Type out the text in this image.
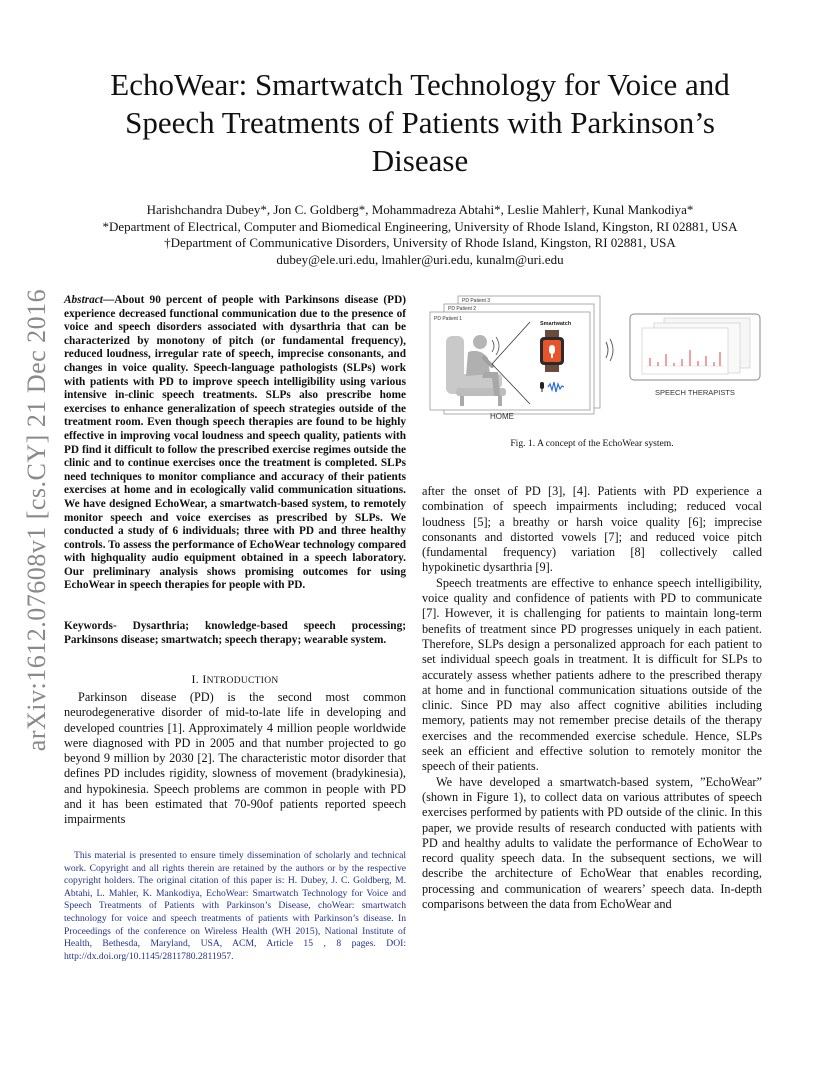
arXiv:1612.07608v1 [cs.CY] 21 Dec 2016
EchoWear: Smartwatch Technology for Voice and
Speech Treatments of Patients with Parkinson’s
Disease
Harishchandra Dubey*, Jon C. Goldberg*, Mohammadreza Abtahi*, Leslie Mahler†, Kunal Mankodiya*
*Department of Electrical, Computer and Biomedical Engineering, University of Rhode Island, Kingston, RI 02881, USA
†Department of Communicative Disorders, University of Rhode Island, Kingston, RI 02881, USA
dubey@ele.uri.edu, lmahler@uri.edu, kunalm@uri.edu
Abstract—About 90 percent of people with Parkinsons disease (PD) experience decreased functional communication due to the presence of voice and speech disorders associated with dysarthria that can be characterized by monotony of pitch (or fundamental frequency), reduced loudness, irregular rate of speech, imprecise consonants, and changes in voice quality. Speech-language pathologists (SLPs) work with patients with PD to improve speech intelligibility using various intensive in-clinic speech treatments. SLPs also prescribe home exercises to enhance generalization of speech strategies outside of the treatment room. Even though speech therapies are found to be highly effective in improving vocal loudness and speech quality, patients with PD find it difficult to follow the prescribed exercise regimes outside the clinic and to continue exercises once the treatment is completed. SLPs need techniques to monitor compliance and accuracy of their patients exercises at home and in ecologically valid communication situations. We have designed EchoWear, a smartwatch-based system, to remotely monitor speech and voice exercises as prescribed by SLPs. We conducted a study of 6 individuals; three with PD and three healthy controls. To assess the performance of EchoWear technology compared with highquality audio equipment obtained in a speech laboratory. Our preliminary analysis shows promising outcomes for using EchoWear in speech therapies for people with PD.
Keywords- Dysarthria; knowledge-based speech processing; Parkinsons disease; smartwatch; speech therapy; wearable system.
I. INTRODUCTION

Parkinson disease (PD) is the second most common neurodegenerative disorder of mid-to-late life in developing and developed countries [1]. Approximately 4 million people worldwide were diagnosed with PD in 2005 and that number projected to go beyond 9 million by 2030 [2]. The characteristic motor disorder that defines PD includes rigidity, slowness of movement (bradykinesia), and hypokinesia. Speech problems are common in people with PD and it has been estimated that 70-90of patients reported speech impairments

This material is presented to ensure timely dissemination of scholarly and technical work. Copyright and all rights therein are retained by the authors or by the respective copyright holders. The original citation of this paper is: H. Dubey, J. C. Goldberg, M. Abtahi, L. Mahler, K. Mankodiya, EchoWear: Smartwatch Technology for Voice and Speech Treatments of Patients with Parkinson’s Disease, choWear: smartwatch technology for voice and speech treatments of patients with Parkinson’s disease. In Proceedings of the conference on Wireless Health (WH 2015), National Institute of Health, Bethesda, Maryland, USA, ACM, Article 15 , 8 pages. DOI: http://dx.doi.org/10.1145/2811780.2811957.
PD Patient 3
PD Patient 2
PD Patient 1
Smartwatch
SPEECH THERAPISTS
HOME
Fig. 1. A concept of the EchoWear system.

after the onset of PD [3], [4]. Patients with PD experience a combination of speech impairments including; reduced vocal loudness [5]; a breathy or harsh voice quality [6]; imprecise consonants and distorted vowels [7]; and reduced voice pitch (fundamental frequency) variation [8] collectively called hypokinetic dysarthria [9].

Speech treatments are effective to enhance speech intelligibility, voice quality and confidence of patients with PD to communicate [7]. However, it is challenging for patients to maintain long-term benefits of treatment since PD progresses uniquely in each patient. Therefore, SLPs design a personalized approach for each patient to set individual speech goals in treatment. It is difficult for SLPs to accurately assess whether patients adhere to the prescribed therapy at home and in functional communication situations outside of the clinic. Since PD may also affect cognitive abilities including memory, patients may not remember precise details of the therapy exercises and the recommended exercise schedule. Hence, SLPs seek an efficient and effective solution to remotely monitor the speech of their patients.

We have developed a smartwatch-based system, ”EchoWear” (shown in Figure 1), to collect data on various attributes of speech exercises performed by patients with PD outside of the clinic. In this paper, we provide results of research conducted with patients with PD and healthy adults to validate the performance of EchoWear to record quality speech data. In the subsequent sections, we will describe the architecture of EchoWear that enables recording, processing and communication of wearers’ speech data. In-depth comparisons between the data from EchoWear and
